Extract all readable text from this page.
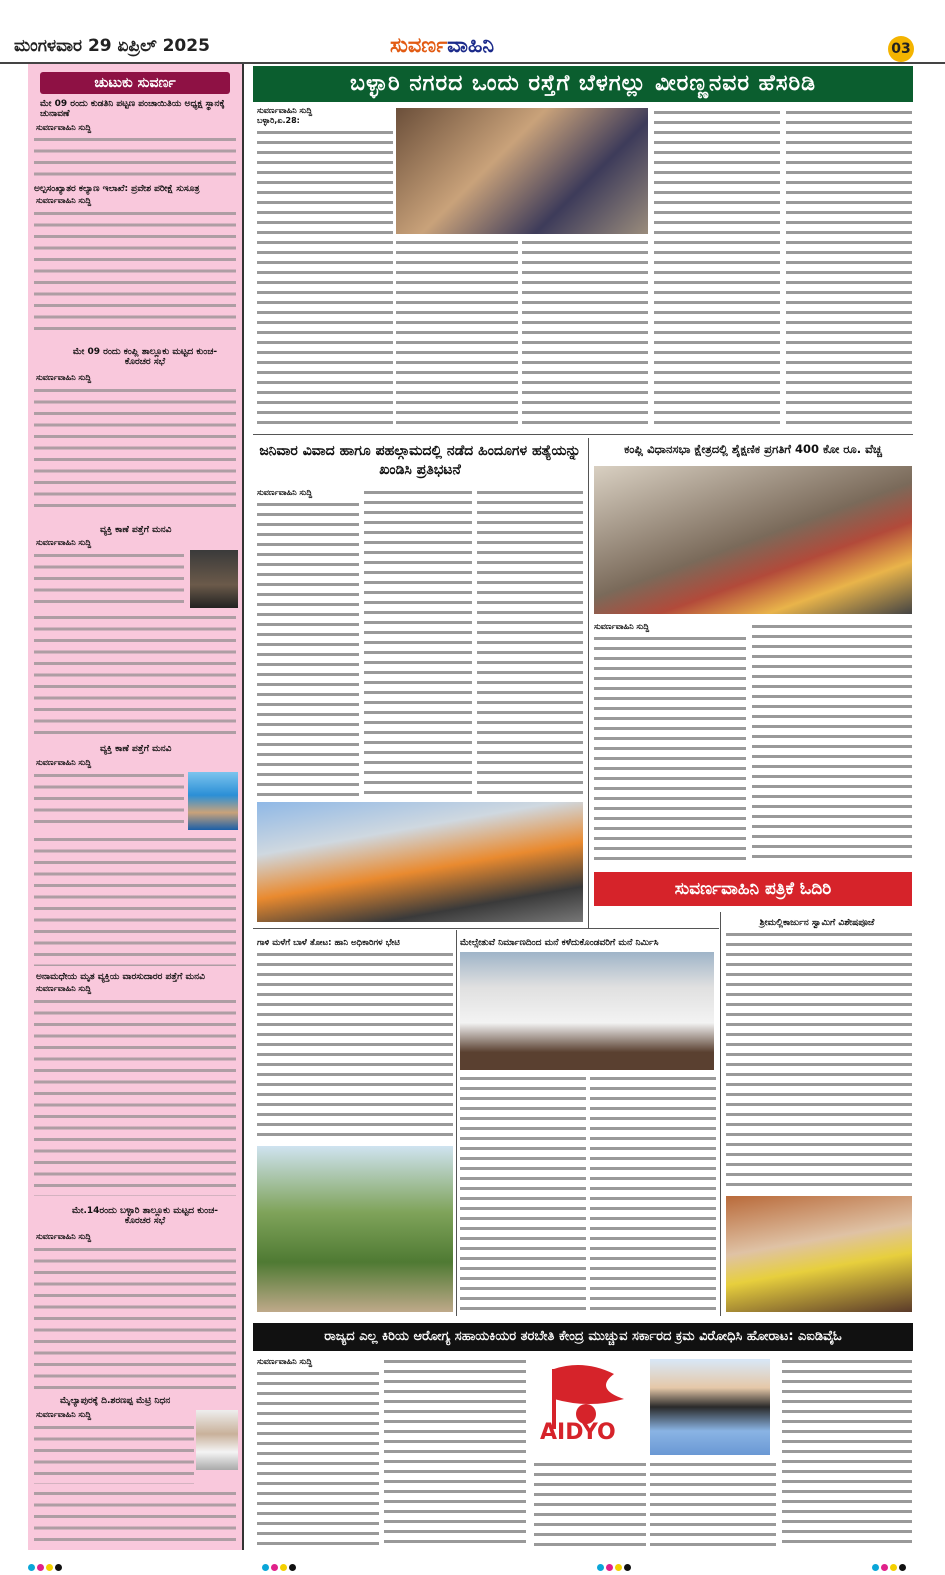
ಮಂಗಳವಾರ 29 ಏಪ್ರಿಲ್ 2025	ಸುವರ್ಣವಾಹಿನಿ	03
ಚುಟುಕು ಸುವರ್ಣ
ಮೇ 09 ರಂದು ಕುಡತಿನಿ ಪಟ್ಟಣ ಪಂಚಾಯಿತಿಯ ಅಧ್ಯಕ್ಷ ಸ್ಥಾನಕ್ಕೆ ಚುನಾವಣೆ
ಸುವರ್ಣವಾಹಿನಿ ಸುದ್ದಿ
ಅಲ್ಪಸಂಖ್ಯಾತರ ಕಲ್ಯಾಣ ಇಲಾಖೆ: ಪ್ರವೇಶ ಪರೀಕ್ಷೆ ಸುಸೂತ್ರ
ಸುವರ್ಣವಾಹಿನಿ ಸುದ್ದಿ
ಮೇ 09 ರಂದು ಕಂಪ್ಲಿ ತಾಲ್ಲೂಕು ಮಟ್ಟದ ಕುಂಚ-ಕೊರಚರ ಸಭೆ
ಸುವರ್ಣವಾಹಿನಿ ಸುದ್ದಿ
ವ್ಯಕ್ತಿ ಕಾಣೆ ಪತ್ತೆಗೆ ಮನವಿ
ಸುವರ್ಣವಾಹಿನಿ ಸುದ್ದಿ
ವ್ಯಕ್ತಿ ಕಾಣೆ ಪತ್ತೆಗೆ ಮನವಿ
ಸುವರ್ಣವಾಹಿನಿ ಸುದ್ದಿ
ಅನಾಮಧೇಯ ಮೃತ ವ್ಯಕ್ತಿಯ ವಾರಸುದಾರರ ಪತ್ತೆಗೆ ಮನವಿ
ಸುವರ್ಣವಾಹಿನಿ ಸುದ್ದಿ
ಮೇ.14ರಂದು ಬಳ್ಳಾರಿ ತಾಲ್ಲೂಕು ಮಟ್ಟದ ಕುಂಚ-ಕೊರಚರ ಸಭೆ
ಸುವರ್ಣವಾಹಿನಿ ಸುದ್ದಿ
ಮೈಲ್ಯಾಪುರಕ್ಕೆ ದಿ.ಶರಣಪ್ಪ ಮೆಟ್ರಿ ನಿಧನ
ಸುವರ್ಣವಾಹಿನಿ ಸುದ್ದಿ
ಬಳ್ಳಾರಿ ನಗರದ ಒಂದು ರಸ್ತೆಗೆ ಬೆಳಗಲ್ಲು ವೀರಣ್ಣನವರ ಹೆಸರಿಡಿ
ಸುವರ್ಣವಾಹಿನಿ ಸುದ್ದಿ
ಬಳ್ಳಾರಿ,ಏ.28:
ಜನಿವಾರ ವಿವಾದ ಹಾಗೂ ಪಹಲ್ಗಾಮದಲ್ಲಿ ನಡೆದ ಹಿಂದೂಗಳ ಹತ್ಯೆಯನ್ನು ಖಂಡಿಸಿ ಪ್ರತಿಭಟನೆ
ಸುವರ್ಣವಾಹಿನಿ ಸುದ್ದಿ
ಕಂಪ್ಲಿ ವಿಧಾನಸಭಾ ಕ್ಷೇತ್ರದಲ್ಲಿ ಶೈಕ್ಷಣಿಕ ಪ್ರಗತಿಗೆ 400 ಕೋ ರೂ. ವೆಚ್ಚ
ಸುವರ್ಣವಾಹಿನಿ ಸುದ್ದಿ
ಸುವರ್ಣವಾಹಿನಿ ಪತ್ರಿಕೆ ಓದಿರಿ
ಶ್ರೀಮಲ್ಲಿಕಾರ್ಜುನ ಸ್ವಾಮಿಗೆ ವಿಶೇಷಪೂಜೆ
ಗಾಳಿ ಮಳೆಗೆ ಬಾಳೆ ತೋಟ: ಹಾನಿ ಅಧಿಕಾರಿಗಳ ಭೇಟಿ	ಮೇಲ್ಸೇತುವೆ ನಿರ್ಮಾಣದಿಂದ ಮನೆ ಕಳೆದುಕೊಂಡವರಿಗೆ ಮನೆ ನಿರ್ಮಿಸಿ
ರಾಜ್ಯದ ಎಲ್ಲ ಕಿರಿಯ ಆರೋಗ್ಯ ಸಹಾಯಕಿಯರ ತರಬೇತಿ ಕೇಂದ್ರ ಮುಚ್ಚುವ ಸರ್ಕಾರದ ಕ್ರಮ ವಿರೋಧಿಸಿ ಹೋರಾಟ: ಎಐಡಿವೈಓ
ಸುವರ್ಣವಾಹಿನಿ ಸುದ್ದಿ
AIDYO
